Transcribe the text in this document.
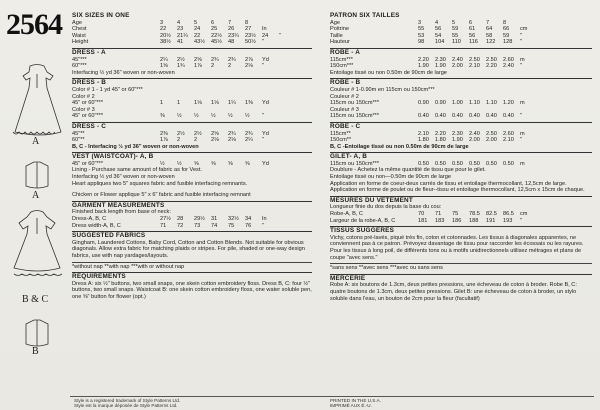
2564
A
A
B & C
B
SIX SIZES IN ONE
Age	3	4	5	6	7	8		
Chest	22	23	24	25	26	27	In	
Waist	20½	21¼	22	22½	23¼	23½	24	"
Height	38½	41	43½	45½	48	50½	"	
DRESS - A
45"***	2¼	2½	2⅝	2¾	2¾	2⅞	Yd
60"***	1⅝	1¾	1⅞	2	2	2⅛	"
Interfacing ½ yd 36" woven or non-woven
DRESS - B
Color # 1 - 1 yd 45" or 60"***
Color # 2
45" or 60"***	1	1	1⅛	1⅛	1¼	1⅜	Yd
Color # 3
45" or 60"***	⅜	½	½	½	½	½	"
DRESS - C
45"**	2⅜	2½	2½	2⅝	2¾	2¾	Yd
60"**	1⅞	2	2	2⅛	2⅛	2¼	"
B, C - Interfacing ½ yd 36" woven or non-woven
VEST (WAISTCOAT)- A, B
45" or 60"***	½	½	⅝	⅝	⅝	⅝	Yd
Lining - Purchase same amount of fabric as for Vest.
Interfacing ½ yd 36" woven or non-woven
Heart appliques two 5" squares fabric and fusible interfacing remnants.
Chicken or Flower applique 5" x 6" fabric and fusible interfacing remnant
GARMENT MEASUREMENTS
Finished back length from base of neck:
Dress-A, B, C	27½	28	29½	31	32½	34	In
Dress width-A, B, C	71	72	73	74	75	76	"
SUGGESTED FABRICS
Gingham, Laundered Cottons, Baby Cord, Cotton and Cotton Blends. Not suitable for obvious diagonals. Allow extra fabric for matching plaids or stripes. For pile, shaded or one-way design fabrics, use with nap yardages/layouts.
*without nap **with nap ***with or without nap
REQUIREMENTS
Dress A: six ½" buttons, two small snaps, one skein cotton embroidery floss. Dress B, C: four ½" buttons, two small snaps. Waistcoat B: one skein cotton embroidery floss, one water soluble pen, one ⅝" button for flower (opt.)
PATRON SIX TAILLES
Age	3	4	5	6	7	8	
Poitrine	55	56	59	61	64	66	cm
Taille	53	54	55	56	58	59	"
Hauteur	98	104	110	116	122	128	"
ROBE - A
115cm***	2.20	2.30	2.40	2.50	2.50	2.60	m
150cm***	1.90	1.90	2.00	2.10	2.20	2.40	"
Entoilage tissé ou non 0.50m de 90cm de large
ROBE - B
Couleur # 1-0.90m en 115cm ou 150cm***
Couleur # 2
115cm ou 150cm***	0.90	0.90	1.00	1.10	1.10	1.20	m
Couleur # 3
115cm ou 150cm***	0.40	0.40	0.40	0.40	0.40	0.40	"
ROBE - C
115cm**	2.10	2.20	2.30	2.40	2.50	2.60	m
150cm**	1.80	1.80	1.90	2.00	2.00	2.10	"
B, C -Entoilage tissé ou non 0.50m de 90cm de large
GILET- A, B
115cm ou 150cm***	0.50	0.50	0.50	0.50	0.50	0.50	m
Doublure - Achetez la même quantité de tissu que pour le gilet.
Entoilage tissé ou non—0.50m de 90cm de large
Application en forme de coeur-deux carrés de tissu et entoilage thermocollant, 12,5cm de large.
Application en forme de poulet ou de fleur--tissu et entoilage thermocollant, 12,5cm x 15cm de chaque.
MESURES DU VETEMENT
Longueur finie du dos depuis la base du cou:
Robe-A, B, C	70	71	75	78.5	82.5	86.5	cm
Largeur de la robe-A, B, C	181	183	186	188	191	193	"
TISSUS SUGGERES
Vichy, cotons pré-lavés, piqué très fin, coton et cotonnades. Les tissus à diagonales apparentes, ne conviennent pas à ce patron. Prévoyez davantage de tissu pour raccorder les écossais ou les rayures. Pour les tissus à long poil, de différents tons ou à motifs unidirectionnels utilisez métrages et plans de coupe "avec sens."
*sans sens **avec sens ***avec ou sans sens
MERCERIE
Robe A: six boutons de 1.3cm, deux petites pressions, une écheveau de coton à broder. Robe B, C: quatre boutons de 1.3cm, deux petites pressions. Gilet B: une écheveau de coton à broder, un stylo soluble dans l'eau, un bouton de 2cm pour la fleur (facultatif)
Style is a registered trademark of Style Patterns Ltd.
Style est la marque déposée de Style Patterns Ltd.
PRINTED IN THE U.S.A.
IMPRIMÉ AUX É.-U.
